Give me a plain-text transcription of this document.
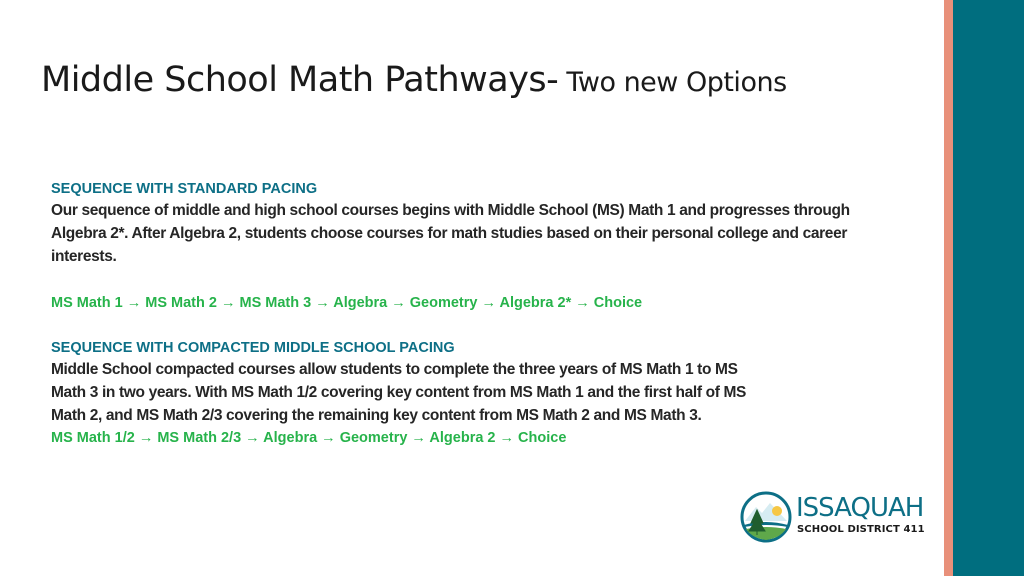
Middle School Math Pathways- Two new Options

SEQUENCE WITH STANDARD PACING

Our sequence of middle and high school courses begins with Middle School (MS) Math 1 and progresses through Algebra 2*. After Algebra 2, students choose courses for math studies based on their personal college and career interests.

MS Math 1 → MS Math 2 → MS Math 3 → Algebra → Geometry → Algebra 2* → Choice

SEQUENCE WITH COMPACTED MIDDLE SCHOOL PACING

Middle School compacted courses allow students to complete the three years of MS Math 1 to MS Math 3 in two years. With MS Math 1/2 covering key content from MS Math 1 and the first half of MS Math 2, and MS Math 2/3 covering the remaining key content from MS Math 2 and MS Math 3.

MS Math 1/2 → MS Math 2/3 → Algebra → Geometry → Algebra 2 → Choice

ISSAQUAH
SCHOOL DISTRICT 411
